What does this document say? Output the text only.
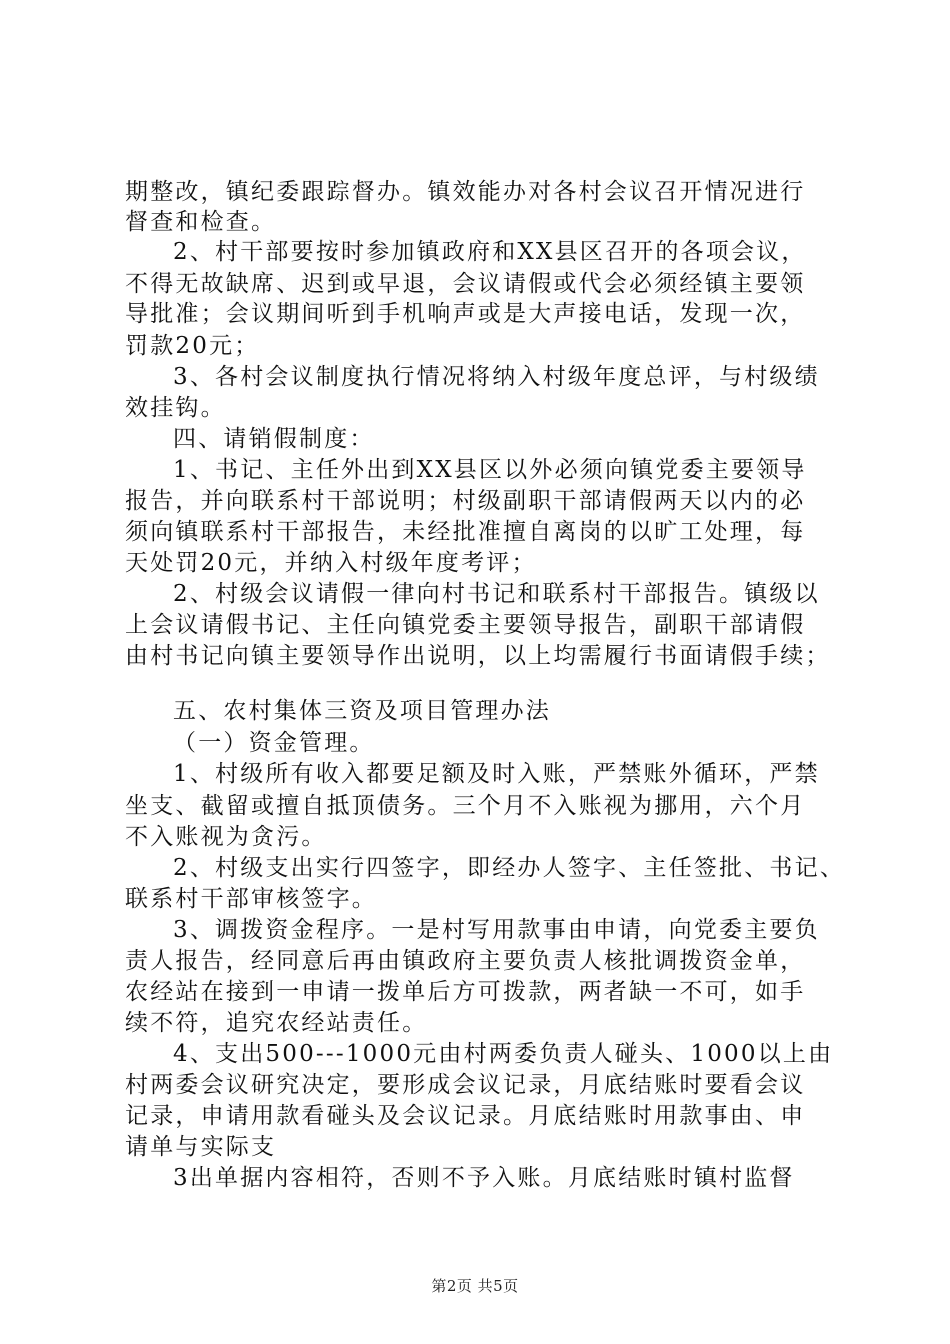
期整改，镇纪委跟踪督办。镇效能办对各村会议召开情况进行
督查和检查。
2、村干部要按时参加镇政府和XX县区召开的各项会议，
不得无故缺席、迟到或早退，会议请假或代会必须经镇主要领
导批准；会议期间听到手机响声或是大声接电话，发现一次，
罚款20元；
3、各村会议制度执行情况将纳入村级年度总评，与村级绩
效挂钩。
四、请销假制度：
1、书记、主任外出到XX县区以外必须向镇党委主要领导
报告，并向联系村干部说明；村级副职干部请假两天以内的必
须向镇联系村干部报告，未经批准擅自离岗的以旷工处理，每
天处罚20元，并纳入村级年度考评；
2、村级会议请假一律向村书记和联系村干部报告。镇级以
上会议请假书记、主任向镇党委主要领导报告，副职干部请假
由村书记向镇主要领导作出说明，以上均需履行书面请假手续；
五、农村集体三资及项目管理办法
（一）资金管理。
1、村级所有收入都要足额及时入账，严禁账外循环，严禁
坐支、截留或擅自抵顶债务。三个月不入账视为挪用，六个月
不入账视为贪污。
2、村级支出实行四签字，即经办人签字、主任签批、书记、
联系村干部审核签字。
3、调拨资金程序。一是村写用款事由申请，向党委主要负
责人报告，经同意后再由镇政府主要负责人核批调拨资金单，
农经站在接到一申请一拨单后方可拨款，两者缺一不可，如手
续不符，追究农经站责任。
4、支出500---1000元由村两委负责人碰头、1000以上由
村两委会议研究决定，要形成会议记录，月底结账时要看会议
记录，申请用款看碰头及会议记录。月底结账时用款事由、申
请单与实际支
3出单据内容相符，否则不予入账。月底结账时镇村监督
第2页 共5页
